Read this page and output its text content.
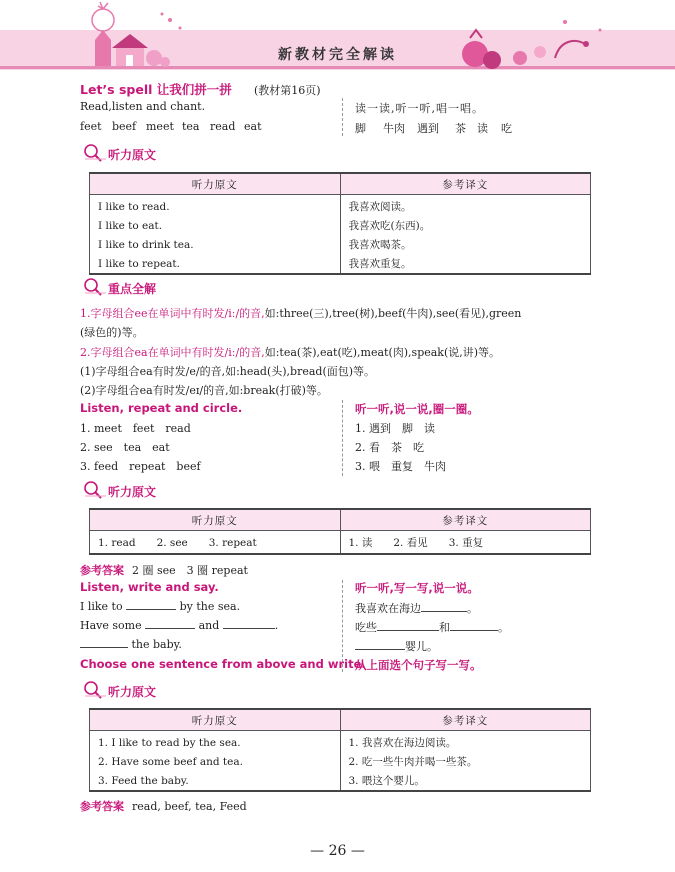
新教材完全解读
Let’s spell 让我们拼一拼 (教材第16页)
Read,listen and chant.	读一读,听一听,唱一唱。
feet beef meet tea read eat	脚 牛肉 遇到 茶 读 吃
听力原文
听力原文	参考译文
I like to read.	我喜欢阅读。
I like to eat.	我喜欢吃(东西)。
I like to drink tea.	我喜欢喝茶。
I like to repeat.	我喜欢重复。
重点全解
1.字母组合ee在单词中有时发/iː/的音,如:three(三),tree(树),beef(牛肉),see(看见),green
(绿色的)等。
2.字母组合ea在单词中有时发/iː/的音,如:tea(茶),eat(吃),meat(肉),speak(说,讲)等。
(1)字母组合ea有时发/e/的音,如:head(头),bread(面包)等。
(2)字母组合ea有时发/eɪ/的音,如:break(打破)等。
Listen, repeat and circle.	听一听,说一说,圈一圈。
1. meet　feet　read
2. see　tea　eat
3. feed　repeat　beef
1. 遇到　脚　读
2. 看　茶　吃
3. 喂　重复　牛肉
听力原文
听力原文	参考译文
1. read　　2. see　　3. repeat	1. 读　　2. 看见　　3. 重复
参考答案 2 圈 see　3 圈 repeat
Listen, write and say.	听一听,写一写,说一说。
I like to	by the sea.
Have some	and	.
the baby.
我喜欢在海边	。
吃些	和	。
婴儿。
Choose one sentence from above and write.
从上面选个句子写一写。
听力原文
听力原文	参考译文
1. I like to read by the sea.	1. 我喜欢在海边阅读。
2. Have some beef and tea.	2. 吃一些牛肉并喝一些茶。
3. Feed the baby.	3. 喂这个婴儿。
参考答案 read, beef, tea, Feed
— 26 —
